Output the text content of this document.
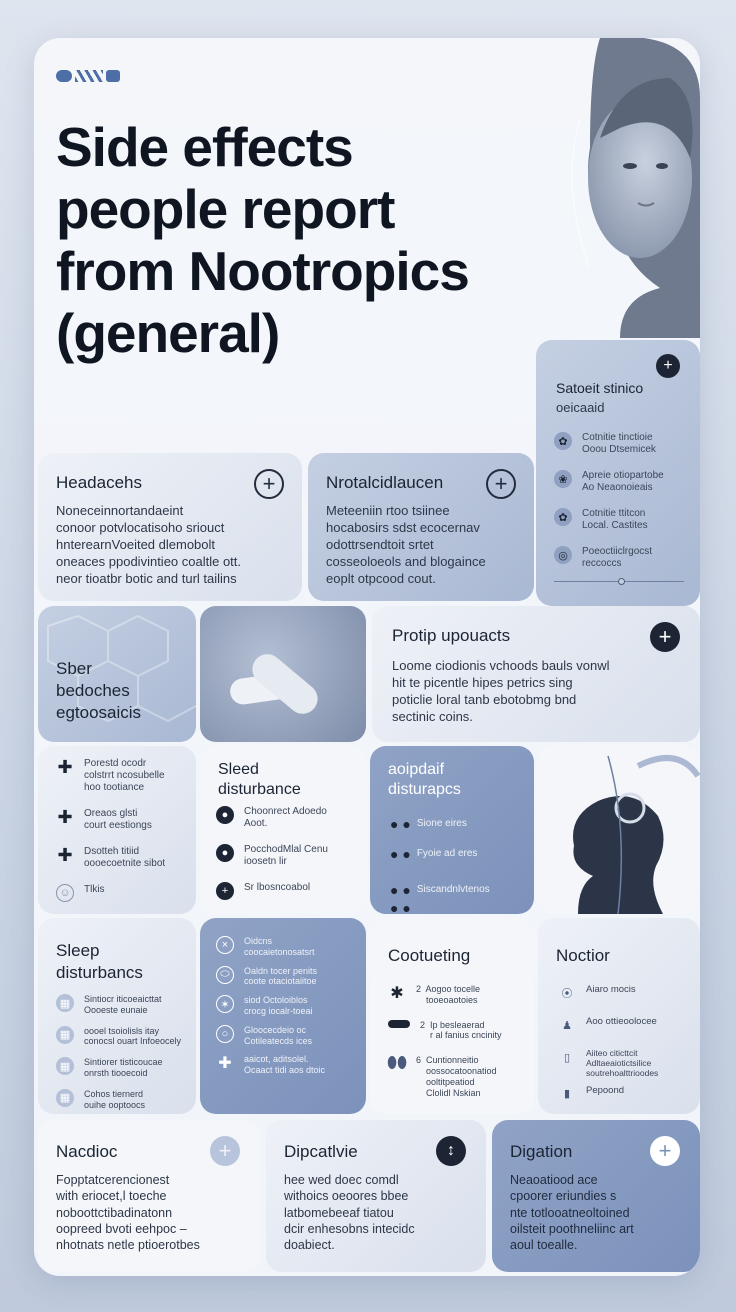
Side effects
people report
from Nootropics
(general)
+
Satoeit stinico
oeicaaid
✿	Cotnitie tinctioie
Ooou Dtsemicek
❀	Apreie otiopartobe
Ao Neaonoieais
✿	Cotnitie ttitcon
Local. Castites
◎	Poeoctiiclrgocst
reccoccs
Headacehs	+
Noneceinnortandaeint
conoor potvlocatisoho sriouct
hnterearnVoeited dlemobolt
oneaces ppodivintieo coaltle ott.
neor tioatbr botic and turl tailins
Nrotalcidlaucen	+
Meteeniin rtoo tsiinee
hocabosirs sdst ecocernav
odottrsendtoit srtet
cosseoloeols and blogaince
eoplt otpcood cout.
Sber
bedoches
egtoosaicis
Protip upouacts	+
Loome ciodionis vchoods bauls vonwl
hit te picentle hipes petrics sing
poticlie loral tanb ebotobmg bnd
sectinic coins.
✚ Porestd ocodr
colstrrt ncosubelle
hoo tootiance
✚ Oreaos glsti
court eestiongs
✚ Dsotteh titiid
oooecoetnite sibot
☺	Tlkis
Sleed
disturbance
●	Choonrect Adoedo
Aoot.
●	PocchodMlal Cenu
ioosetn lir
+	Sr lbosncoabol
aoipdaif
disturapcs
● ● Sione eires
● ● Fyoie ad eres
● ● Siscandnlvtenos
● ●
Sleep
disturbancs
▦	Sintiocr iticoeaicttat
Oooeste eunaie
▦	oooel tsoiolisls itay
conocsl ouart Infoeocely
▦	Sintiorer tisticoucae
onrsth tiooecoid
▦	Cohos tiernerd
ouihe ooptoocs
×	Oidcns
coocaietonosatsrt
⬭	Oaldn tocer penits
coote otaciotaiitoe
✶	siod Octoloiblos
crocg iocalr-toeai
○	Gloocecdeio oc
Cotileatecds ices
✚ aaicot, aditsolel.
Ocaact tidi aos dtoic
Cootueting
✱ 2  Aogoo tocelle
tooeoaotoies
2  Ip besleaerad
r al fanius cncinity
⬮⬮ 6  Cuntionneitio
oossocatoonatiod
ooltitpeatiod
Clolidl Nskian
Noctior
⦿	Aiaro mocis
♟	Aoo ottieoolocee
▯	Aiiteo citicttcit
Adltaeaiotictsilice
soutrehoalttrioodes
▮	Pepoond
Nacdioc	+
Fopptatcerencionest
with eriocet,l toeche
noboottctibadinatonn
oopreed bvoti eehpoc –
nhotnats netle ptioerotbes
Dipcatlvie	↕
hee wed doec comdl
withoics oeoores bbee
latbomebeeaf tiatou
dcir enhesobns intecidc
doabiect.
Digation	+
Neaoatiood ace
cpoorer eriundies s
nte totlooatneoltoined
oilsteit poothneliinc art
aoul toealle.
